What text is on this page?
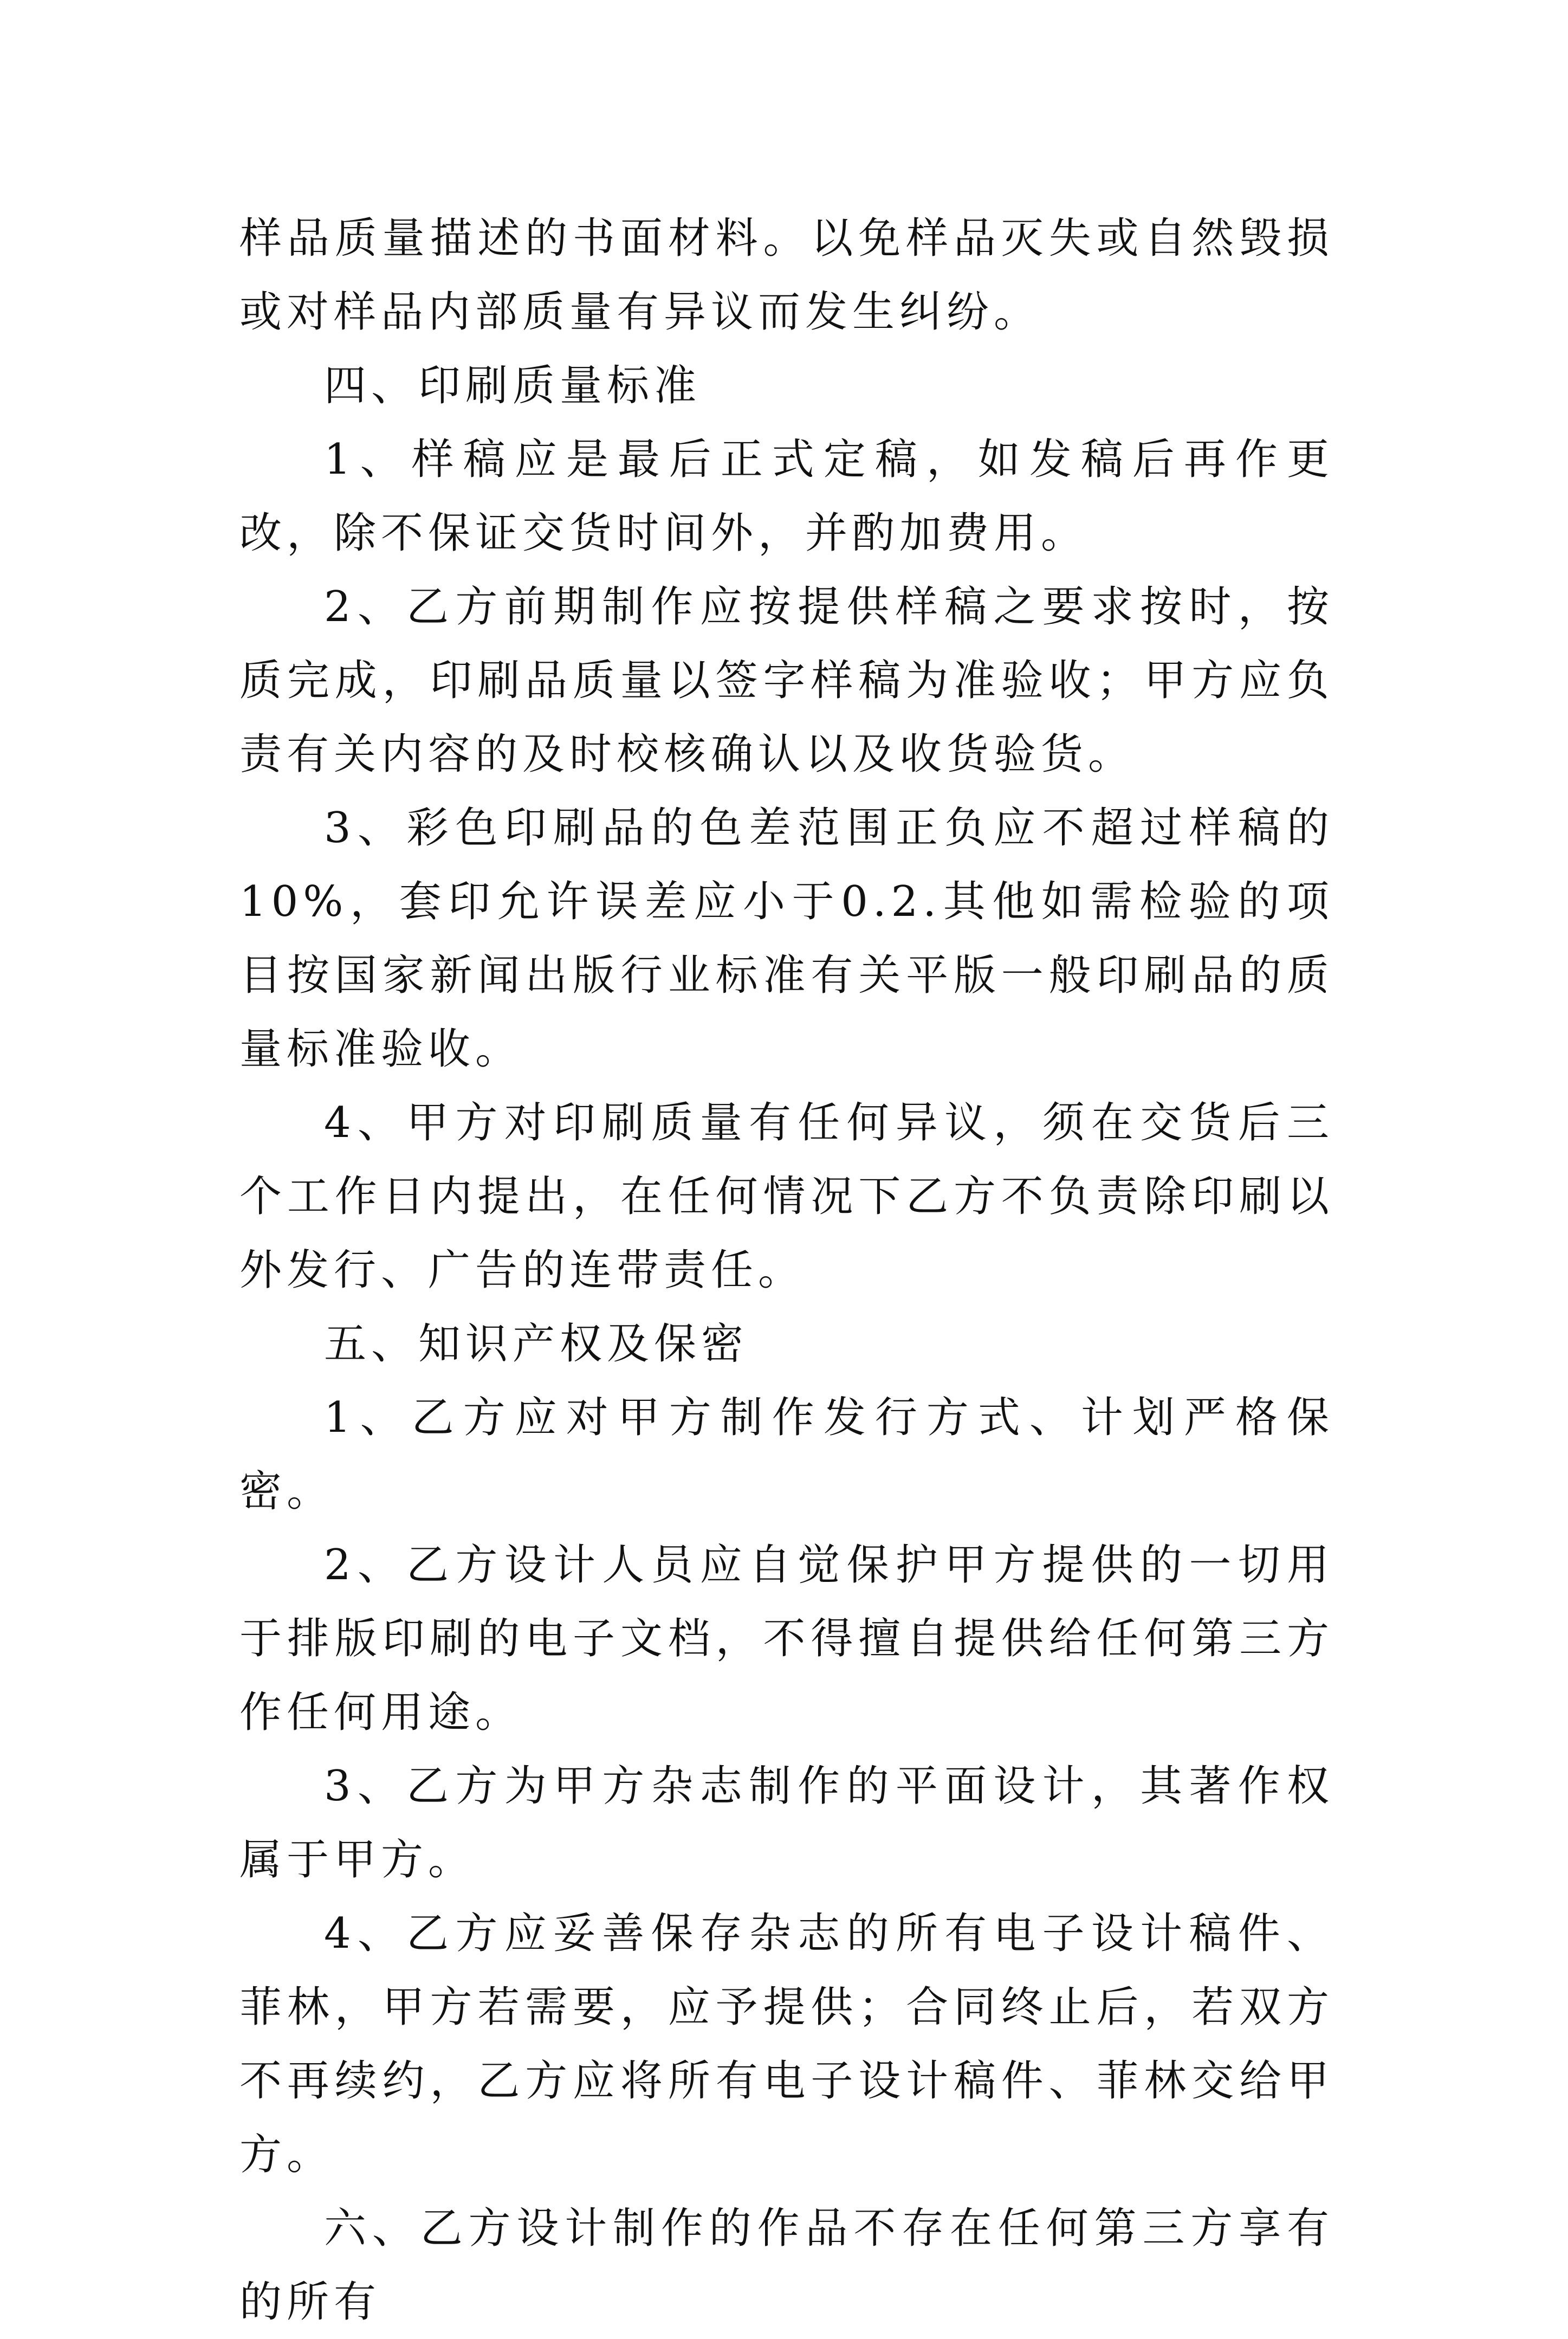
样品质量描述的书面材料。以免样品灭失或自然毁损或对样品内部质量有异议而发生纠纷。

四、印刷质量标准

1、样稿应是最后正式定稿，如发稿后再作更改，除不保证交货时间外，并酌加费用。

2、乙方前期制作应按提供样稿之要求按时，按质完成，印刷品质量以签字样稿为准验收；甲方应负责有关内容的及时校核确认以及收货验货。

3、彩色印刷品的色差范围正负应不超过样稿的10%，套印允许误差应小于0.2.其他如需检验的项目按国家新闻出版行业标准有关平版一般印刷品的质量标准验收。

4、甲方对印刷质量有任何异议，须在交货后三个工作日内提出，在任何情况下乙方不负责除印刷以外发行、广告的连带责任。

五、知识产权及保密

1、乙方应对甲方制作发行方式、计划严格保密。

2、乙方设计人员应自觉保护甲方提供的一切用于排版印刷的电子文档，不得擅自提供给任何第三方作任何用途。

3、乙方为甲方杂志制作的平面设计，其著作权属于甲方。

4、乙方应妥善保存杂志的所有电子设计稿件、菲林，甲方若需要，应予提供；合同终止后，若双方不再续约，乙方应将所有电子设计稿件、菲林交给甲方。

六、乙方设计制作的作品不存在任何第三方享有的所有
